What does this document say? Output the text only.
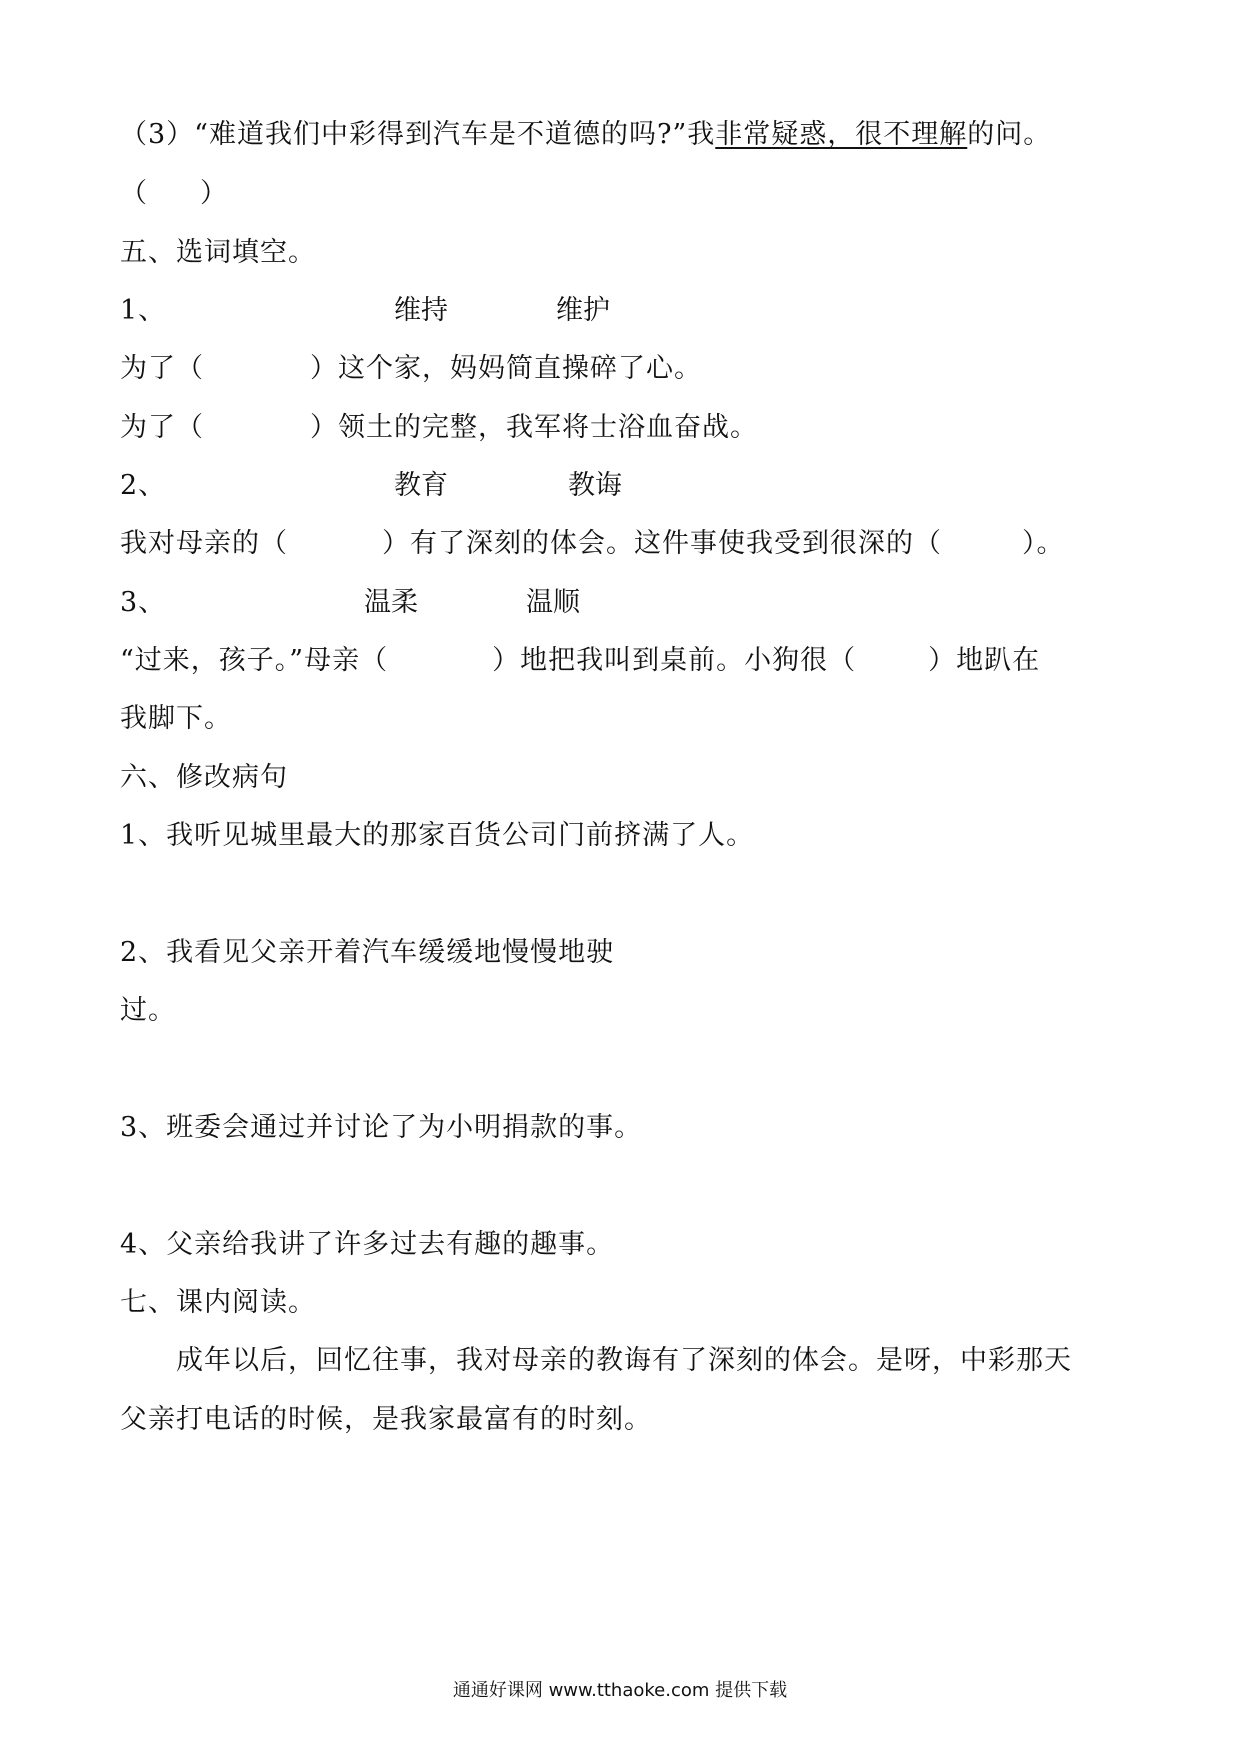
（3）“难道我们中彩得到汽车是不道德的吗?”我非常疑惑，很不理解的问。
（ ）
五、选词填空。
1、	维持	维护
为了（	）这个家，妈妈简直操碎了心。
为了（	）领土的完整，我军将士浴血奋战。
2、	教育	教诲
我对母亲的（	）有了深刻的体会。这件事使我受到很深的（	）。
3、	温柔	温顺
“过来，孩子。”母亲（	）地把我叫到桌前。小狗很（	）地趴在
我脚下。
六、修改病句
1、我听见城里最大的那家百货公司门前挤满了人。
2、我看见父亲开着汽车缓缓地慢慢地驶
过。
3、班委会通过并讨论了为小明捐款的事。
4、父亲给我讲了许多过去有趣的趣事。
七、课内阅读。
成年以后，回忆往事，我对母亲的教诲有了深刻的体会。是呀，中彩那天
父亲打电话的时候，是我家最富有的时刻。
通通好课网 www.tthaoke.com 提供下载
